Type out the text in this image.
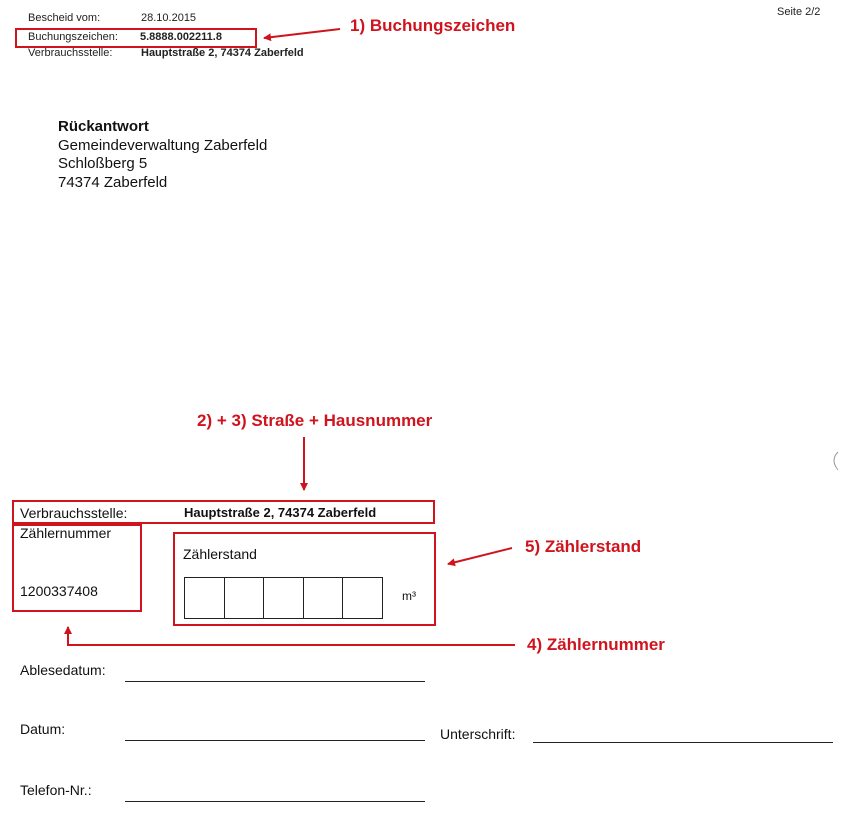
Bescheid vom:	28.10.2015
Buchungszeichen: 5.8888.002211.8
Verbrauchsstelle:	Hauptstraße 2, 74374 Zaberfeld
Seite 2/2
1) Buchungszeichen
Rückantwort
Gemeindeverwaltung Zaberfeld
Schloßberg 5
74374 Zaberfeld
2) + 3) Straße + Hausnummer
Verbrauchsstelle:	Hauptstraße 2, 74374 Zaberfeld
Zählernummer
1200337408
Zählerstand
m³
5) Zählerstand
4) Zählernummer
Ablesedatum:
Datum:	Unterschrift:
Telefon-Nr.:
